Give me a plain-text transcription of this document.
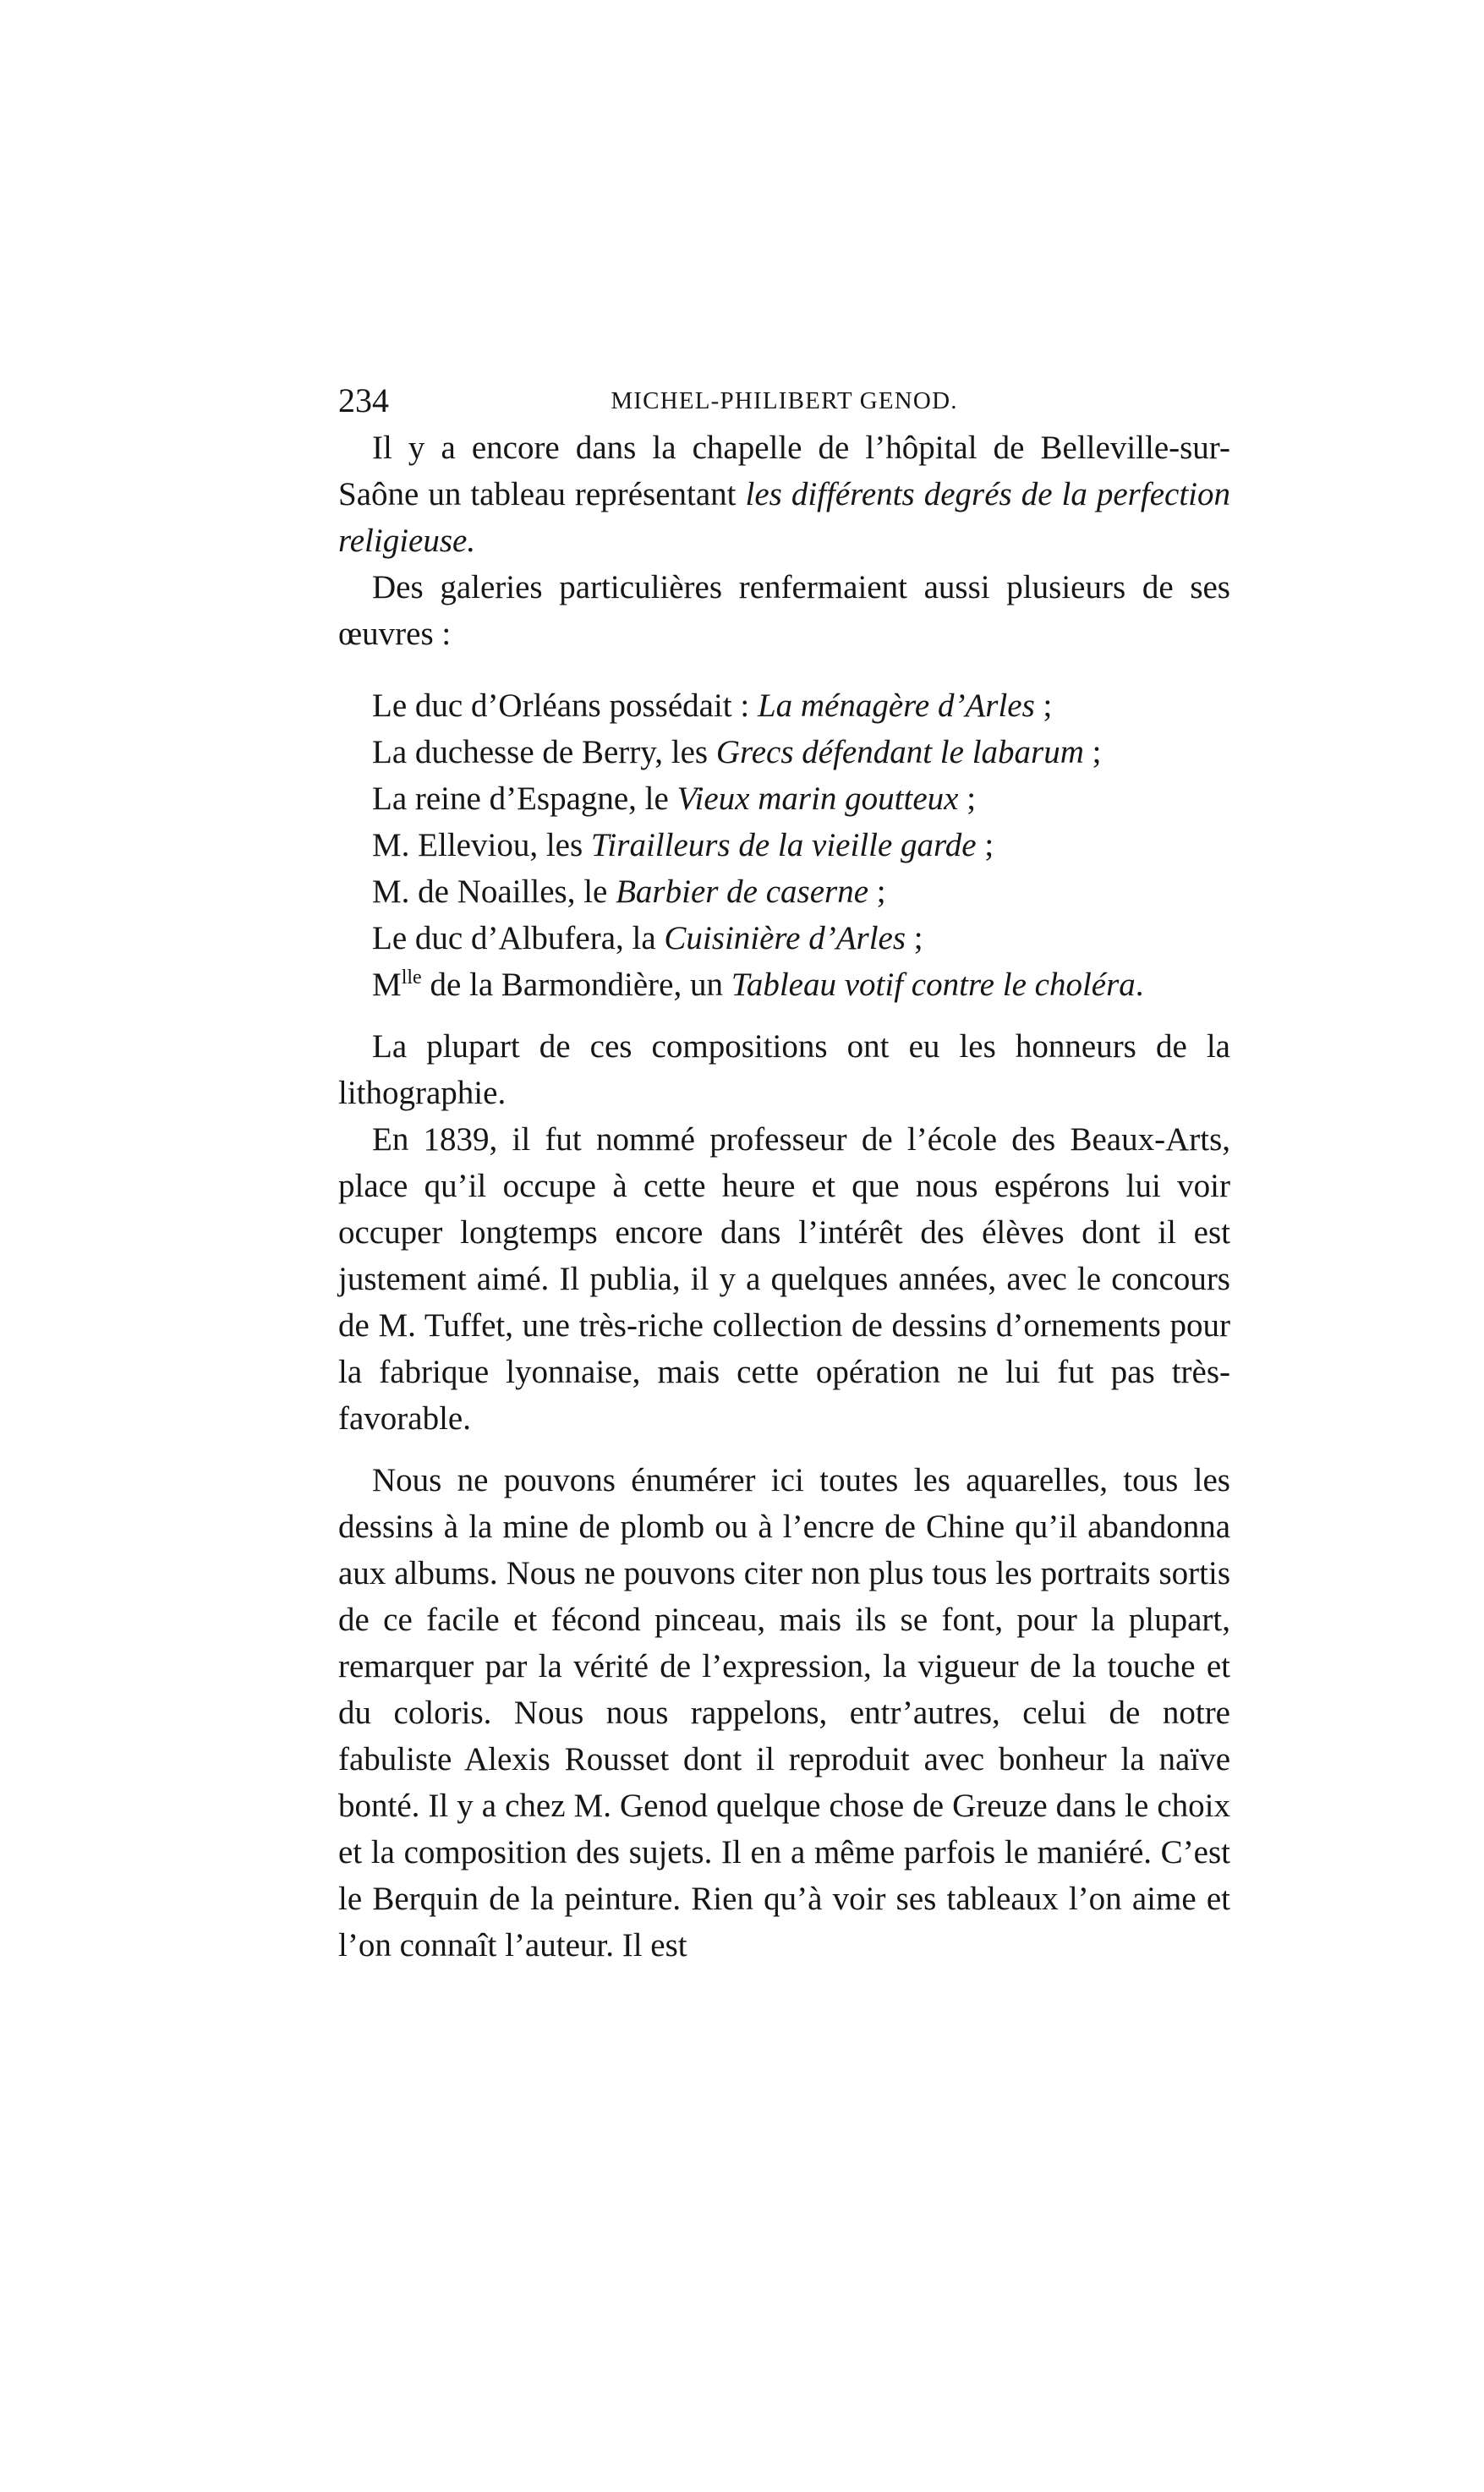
234	MICHEL-PHILIBERT GENOD.

Il y a encore dans la chapelle de l’hôpital de Belleville-sur-Saône un tableau représentant les différents degrés de la perfection religieuse.

Des galeries particulières renfermaient aussi plusieurs de ses œuvres :

Le duc d’Orléans possédait : La ménagère d’Arles ;
La duchesse de Berry, les Grecs défendant le labarum ;
La reine d’Espagne, le Vieux marin goutteux ;
M. Elleviou, les Tirailleurs de la vieille garde ;
M. de Noailles, le Barbier de caserne ;
Le duc d’Albufera, la Cuisinière d’Arles ;
$M^{lle}$ de la Barmondière, un Tableau votif contre le choléra.

La plupart de ces compositions ont eu les honneurs de la lithographie.

En 1839, il fut nommé professeur de l’école des Beaux-Arts, place qu’il occupe à cette heure et que nous espérons lui voir occuper longtemps encore dans l’intérêt des élèves dont il est justement aimé. Il publia, il y a quelques années, avec le concours de M. Tuffet, une très-riche collection de dessins d’ornements pour la fabrique lyonnaise, mais cette opération ne lui fut pas très-favorable.

Nous ne pouvons énumérer ici toutes les aquarelles, tous les dessins à la mine de plomb ou à l’encre de Chine qu’il abandonna aux albums. Nous ne pouvons citer non plus tous les portraits sortis de ce facile et fécond pinceau, mais ils se font, pour la plupart, remarquer par la vérité de l’expression, la vigueur de la touche et du coloris. Nous nous rappelons, entr’autres, celui de notre fabuliste Alexis Rousset dont il reproduit avec bonheur la naïve bonté. Il y a chez M. Genod quelque chose de Greuze dans le choix et la composition des sujets. Il en a même parfois le maniéré. C’est le Berquin de la peinture. Rien qu’à voir ses tableaux l’on aime et l’on connaît l’auteur. Il est
